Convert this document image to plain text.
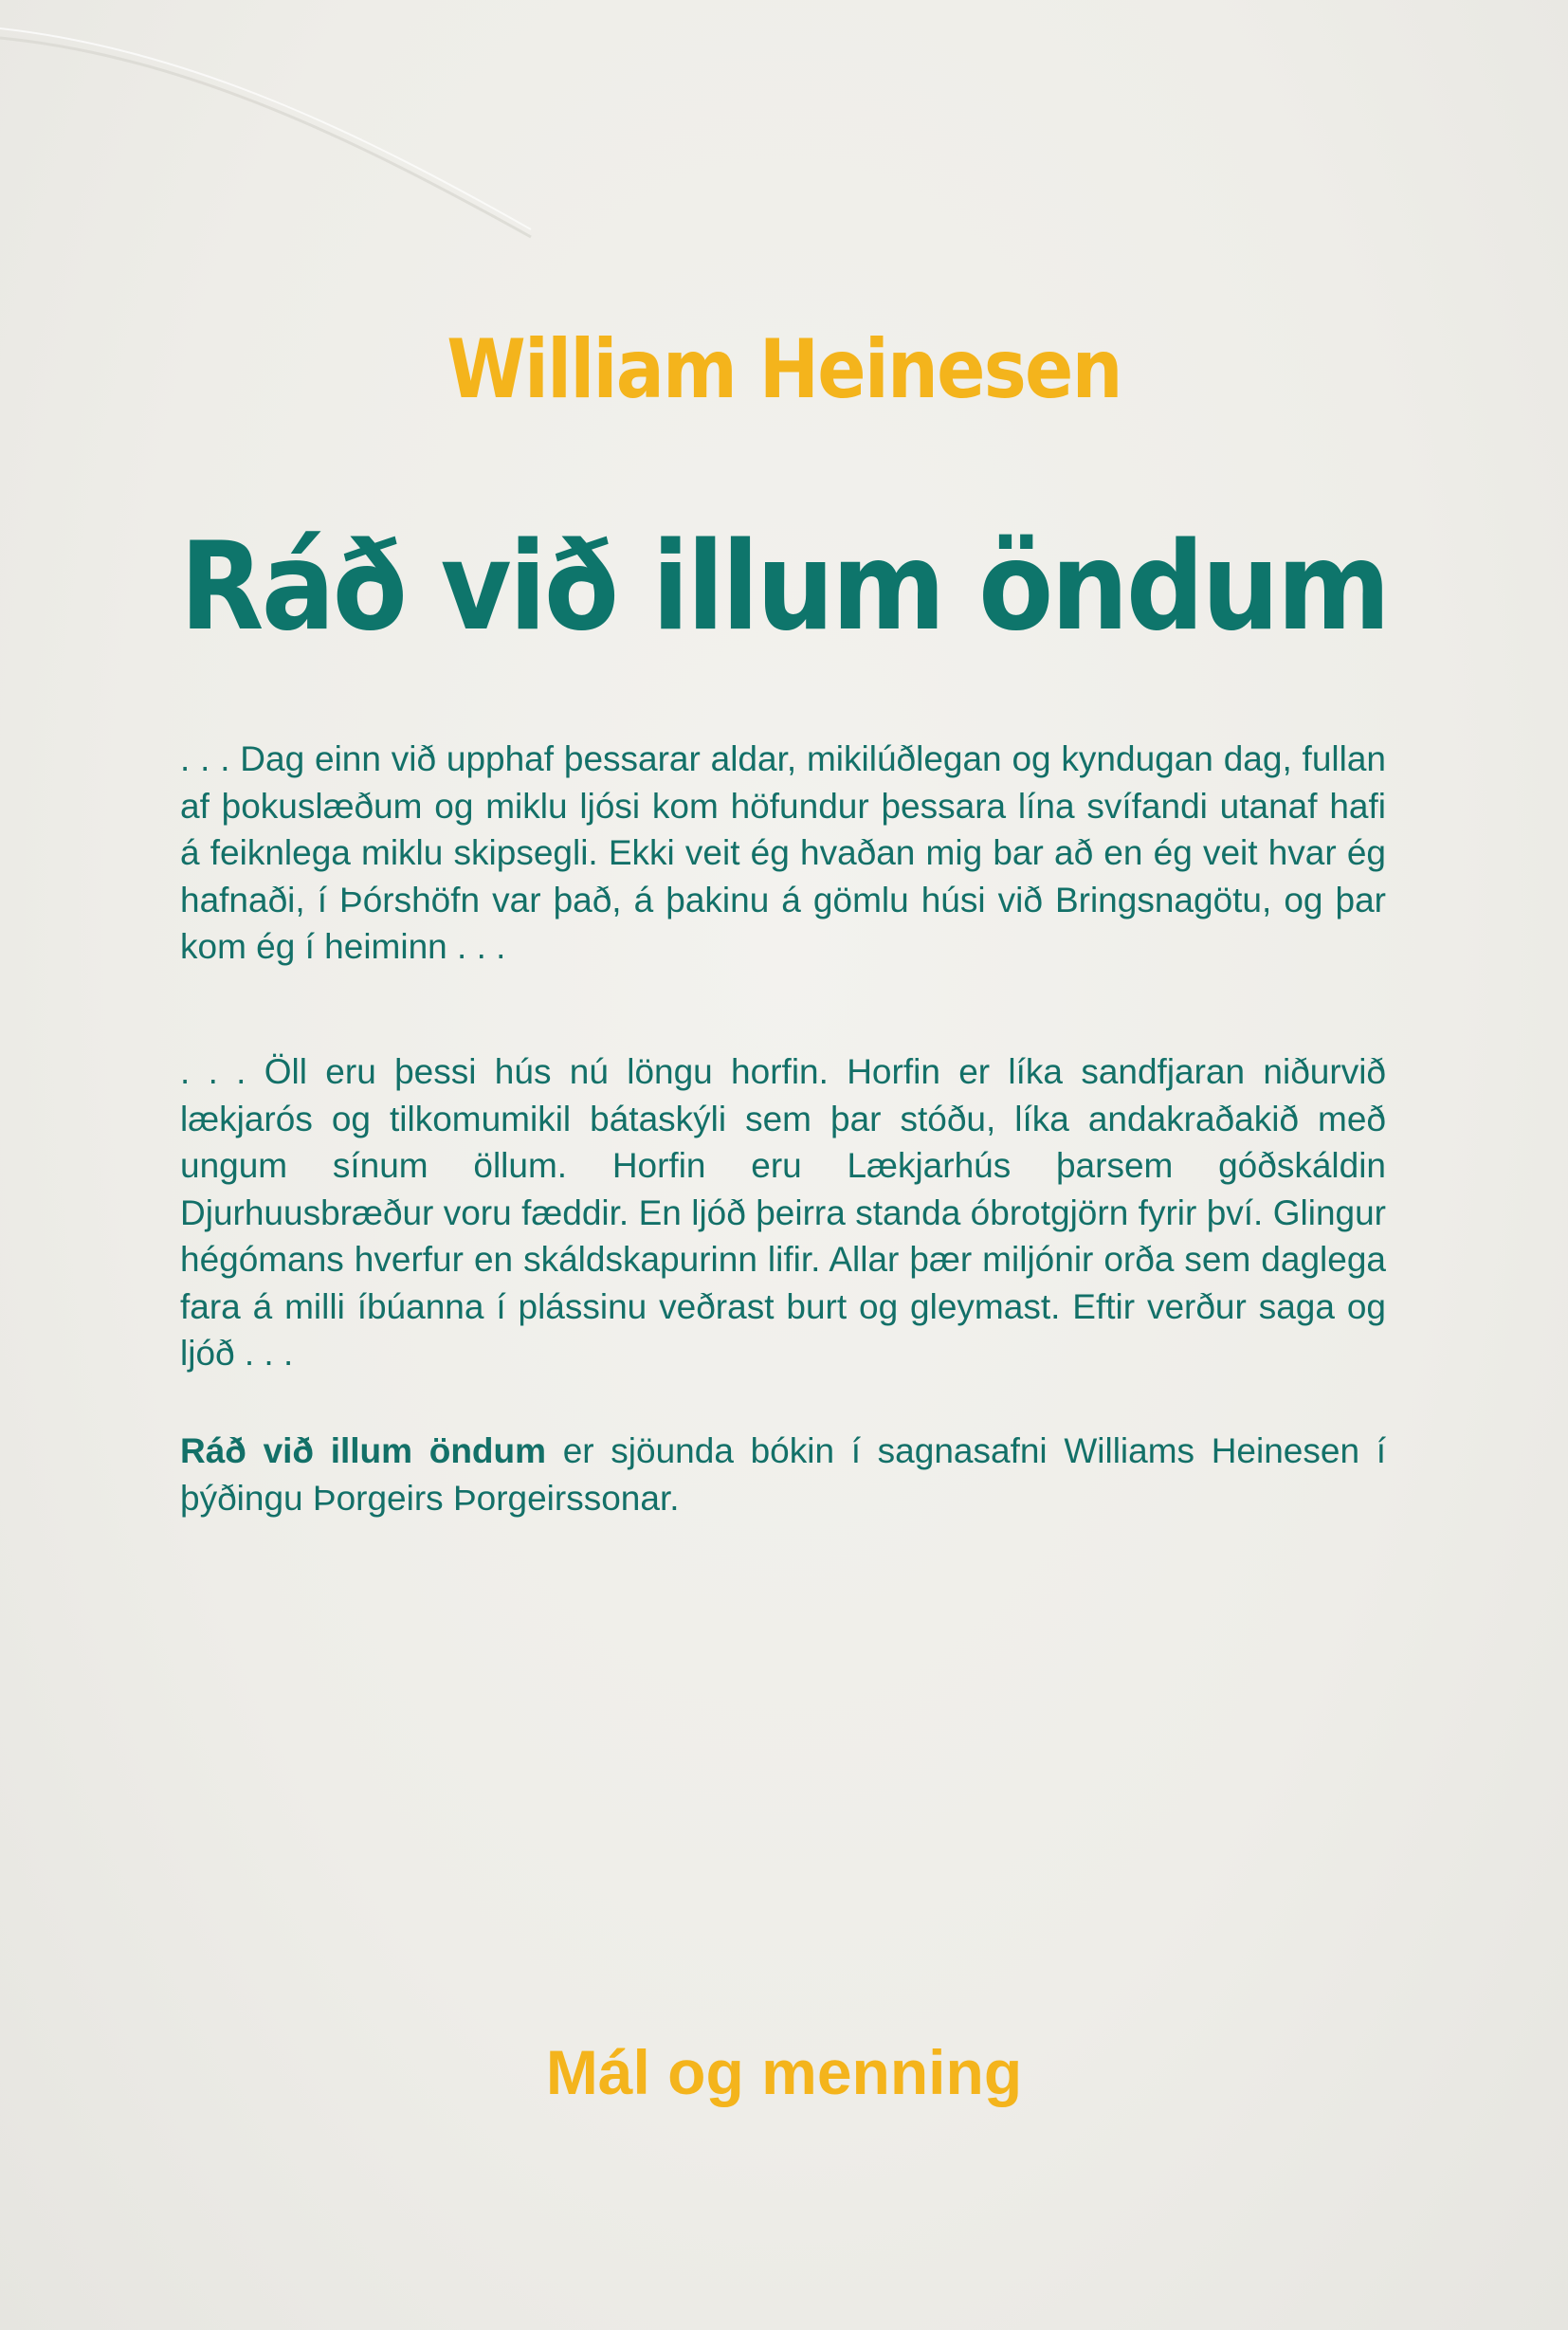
William Heinesen
Ráð við illum öndum

. . . Dag einn við upphaf þessarar aldar, mikilúðlegan og kyndugan dag, fullan af þokuslæðum og miklu ljósi kom höfundur þessara lína svífandi utanaf hafi á feiknlega miklu skipsegli. Ekki veit ég hvaðan mig bar að en ég veit hvar ég hafnaði, í Þórshöfn var það, á þakinu á gömlu húsi við Bringsnagötu, og þar kom ég í heiminn . . .

. . . Öll eru þessi hús nú löngu horfin. Horfin er líka sandfjaran niðurvið lækjarós og tilkomumikil bátaskýli sem þar stóðu, líka andakraðakið með ungum sínum öllum. Horfin eru Lækjarhús þarsem góðskáldin Djurhuusbræður voru fæddir. En ljóð þeirra standa óbrotgjörn fyrir því. Glingur hégómans hverfur en skáldskapurinn lifir. Allar þær miljónir orða sem daglega fara á milli íbúanna í plássinu veðrast burt og gleymast. Eftir verður saga og ljóð . . .

Ráð við illum öndum er sjöunda bókin í sagnasafni Williams Heinesen í þýðingu Þorgeirs Þorgeirssonar.

Mál og menning
